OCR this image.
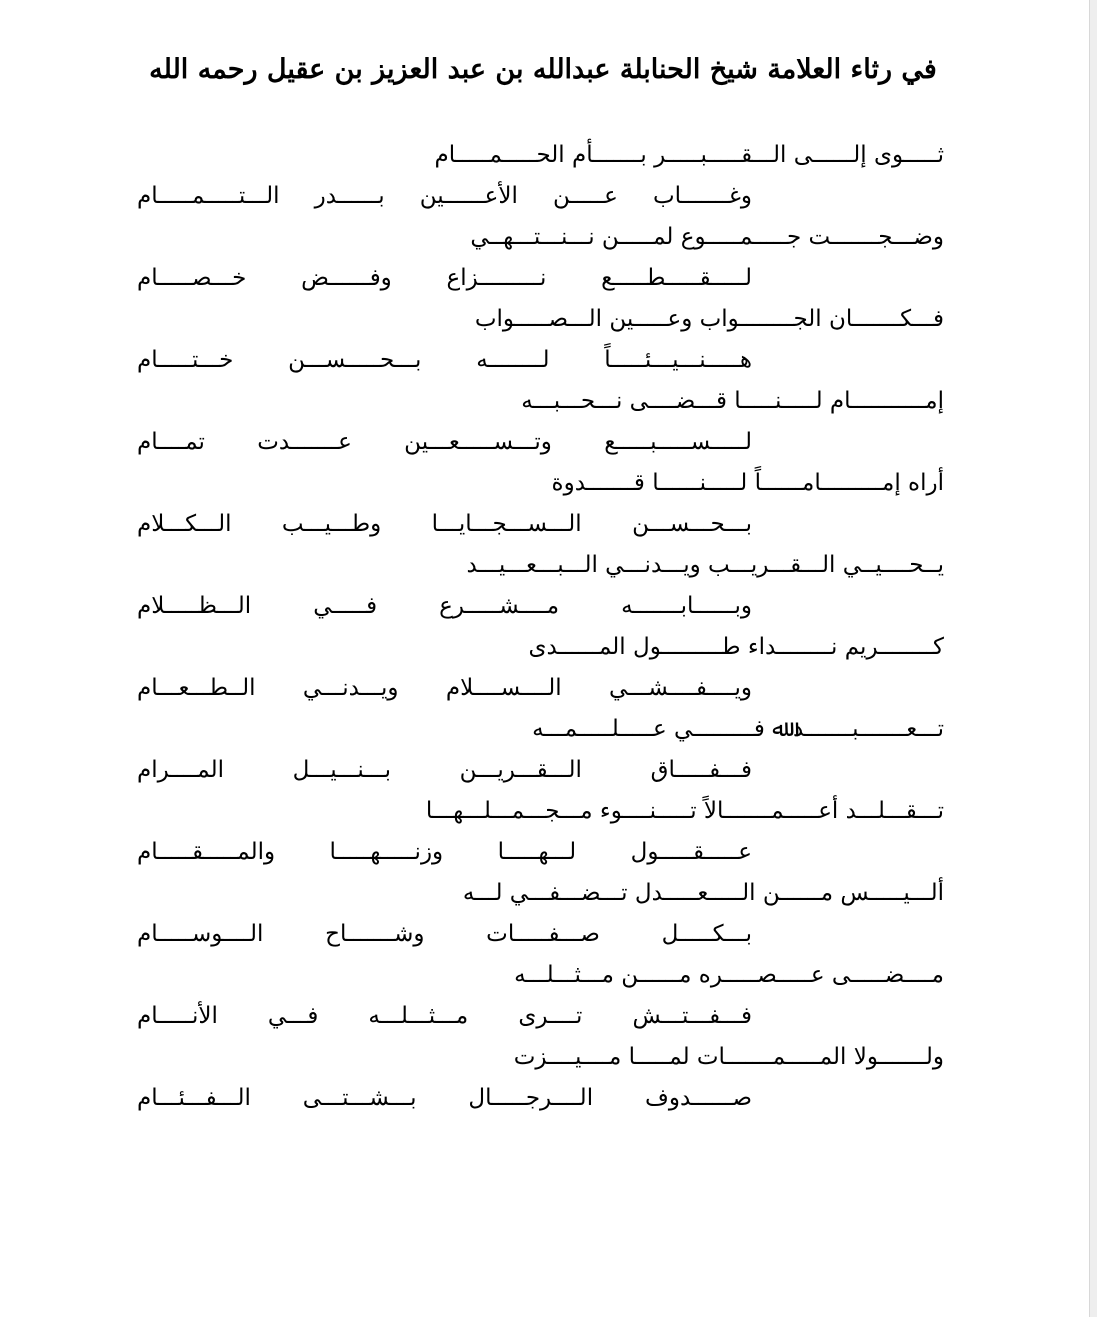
في رثاء العلامة شيخ الحنابلة عبدالله بن عبد العزيز بن عقيل رحمه الله
ثـــــوى إلــــــى الـــقـــــبـــــر بـــــــأم الحـــــمـــــام
وغـــــــاب عـــــن الأعــــــين بــــــدر الـــتـــــمـــــام
وضـــجـــــــت جـــــمـــــوع لمـــــن نـــنـــتـــهــي
لـــــقـــــطـــــع نـــــــــزاع وفــــــض خـــصـــــام
فـــكـــــــان الجــــــــواب وعـــــين الـــصـــــواب
هـــــنـــيـــئـــــاً لــــــــه بـــحـــــســـن خـــتـــــام
إمـــــــــــام لـــــنـــــا قـــضــــى نـــحـــبـــه
لـــــســـــبـــــع وتـــســـــعـــين عـــــــدت تمــــام
أراه إمـــــــــامــــــاً لـــــنــــــا قـــــــدوة
بـــحـــســـن الـــســـجـــايـــا وطـــيـــب الـــكـــلام
يــحــــيــي الـــقـــريـــب ويـــدنـــي الـــبـــعـــيـــد
وبــــــابـــــــه مــــشـــــرع فـــــي الـــظـــــلام
كــــــــريم نــــــــداء طـــــــــول المــــــدى
ويــــفــــشـــي الــــســــلام ويـــدنـــي الــطـــعـــام
تـــعـــــــبـــــــد ﷲ فـــــــــي عـــــلـــــمـــه
فـــفـــــاق الـــقـــريـــن بـــنـــيـــل المــــرام
تـــقـــلـــد أعـــــمـــــــالاً تـــــنــــوء مـــجـــمـــلـــهـــا
عـــــقـــــول لـــهـــــا وزنـــــهـــــا والمـــــقـــــام
ألـــيـــــس مــــــن الـــــعـــــدل تـــضـــفـــي لـــه
بـــكـــــل صـــفـــــات وشـــــــاح الــــوســـــام
مــــضـــــى عـــــصـــــره مــــــن مـــثـــلـــه
فـــفـــتـــش تــــرى مـــثـــلـــه فـــي الأنـــــام
ولـــــــولا المـــــمـــــــات لمـــــا مــــيــــزت
صــــــدوف الــــرجـــــال بـــشـــتـــى الـــفـــئـــام
